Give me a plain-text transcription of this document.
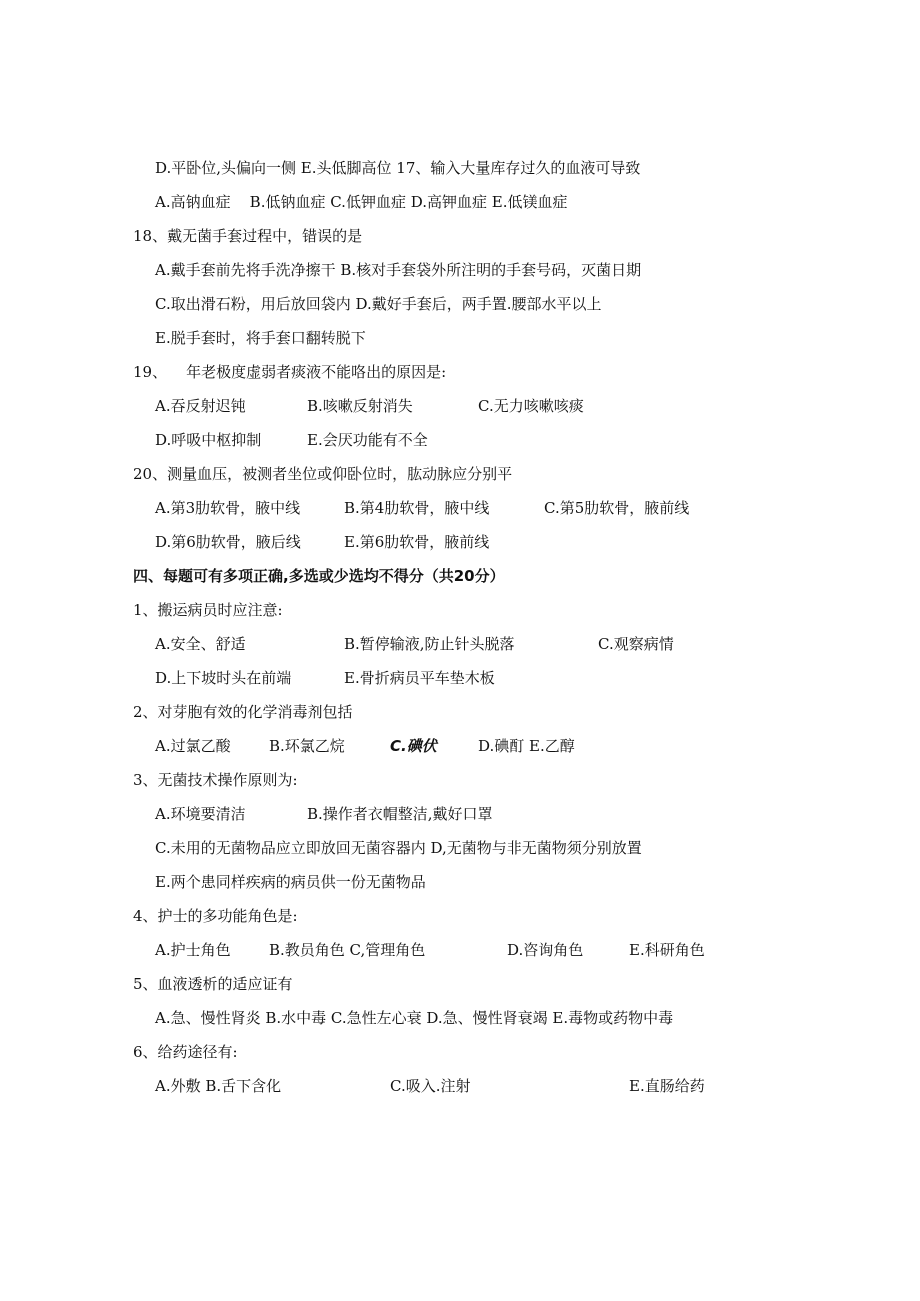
D.平卧位,头偏向一侧 E.头低脚高位 17、输入大量库存过久的血液可导致
A.高钠血症    B.低钠血症 C.低钾血症 D.高钾血症 E.低镁血症
18、戴无菌手套过程中，错误的是
A.戴手套前先将手洗净擦干 B.核对手套袋外所注明的手套号码，灭菌日期
C.取出滑石粉，用后放回袋内 D.戴好手套后，两手置.腰部水平以上
E.脱手套时，将手套口翻转脱下
19、    年老极度虚弱者痰液不能咯出的原因是:

A.吞反射迟钝

	B.咳嗽反射消失

	C.无力咳嗽咳痰

D.呼吸中枢抑制

	E.会厌功能有不全

20、测量血压，被测者坐位或仰卧位时，肱动脉应分别平

A.第3肋软骨，腋中线

	B.第4肋软骨，腋中线

	C.第5肋软骨，腋前线

D.第6肋软骨，腋后线

	E.第6肋软骨，腋前线

四、每题可有多项正确,多选或少选均不得分（共20分）
1、搬运病员时应注意:

A.安全、舒适

	B.暂停输液,防止针头脱落

	C.观察病情

D.上下坡时头在前端

	E.骨折病员平车垫木板

2、对芽胞有效的化学消毒剂包括

A.过氯乙酸

	B.环氯乙烷

	C.碘伏

	D.碘酊 E.乙醇

3、无菌技术操作原则为:

A.环境要清洁

	B.操作者衣帽整洁,戴好口罩

C.未用的无菌物品应立即放回无菌容器内 D,无菌物与非无菌物须分别放置
E.两个患同样疾病的病员供一份无菌物品
4、护士的多功能角色是:

A.护士角色

	B.教员角色 C,管理角色

	D.咨询角色

	E.科研角色

5、血液透析的适应证有
A.急、慢性肾炎 B.水中毒 C.急性左心衰 D.急、慢性肾衰竭 E.毒物或药物中毒
6、给药途径有:

A.外敷 B.舌下含化

	C.吸入.注射

	E.直肠给药
